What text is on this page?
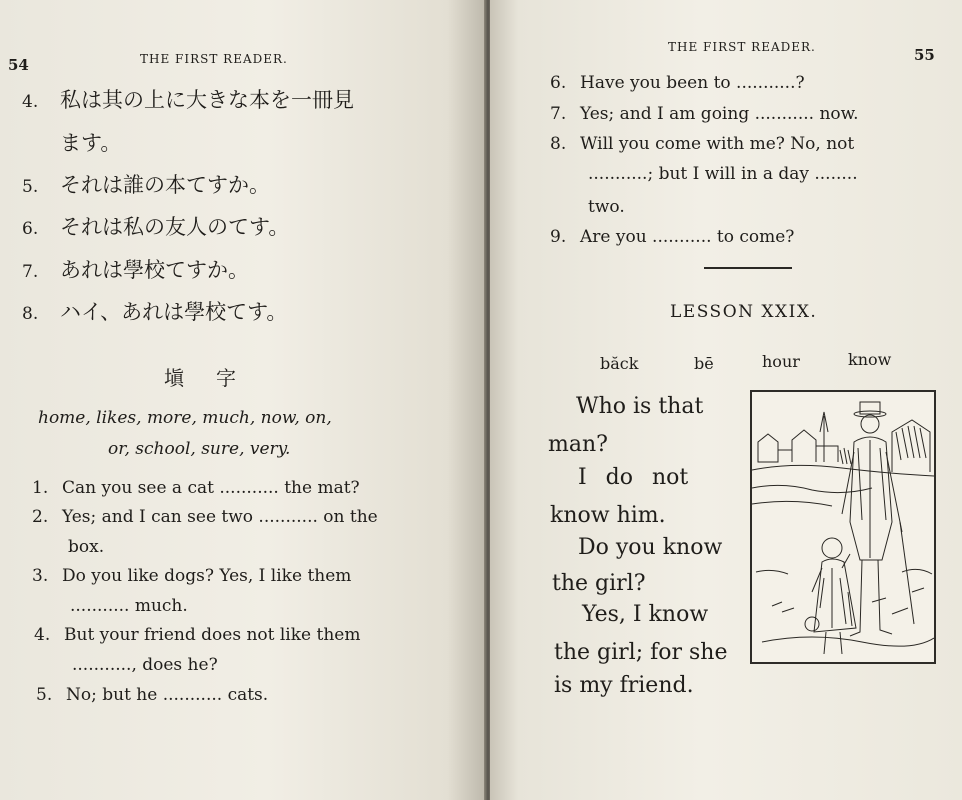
54	THE FIRST READER.
4. 私は其の上に大きな本を一冊見
ます。
5. それは誰の本てすか。
6. それは私の友人のてす。
7. あれは學校てすか。
8. ハイ、あれは學校てす。
塡　字
home, likes, more, much, now, on,
or, school, sure, very.
1. Can you see a cat ........... the mat?
2. Yes; and I can see two ........... on the
box.
3. Do you like dogs? Yes, I like them
........... much.
4. But your friend does not like them
..........., does he?
5. No; but he ........... cats.
THE FIRST READER.	55
6. Have you been to ...........?
7. Yes; and I am going ........... now.
8. Will you come with me? No, not
...........; but I will in a day ........
two.
9. Are you ........... to come?
LESSON XXIX.
băck	bē	hour	know
Who is that
man?
I do not
know him.
Do you know
the girl?
Yes, I know
the girl; for she
is my friend.
